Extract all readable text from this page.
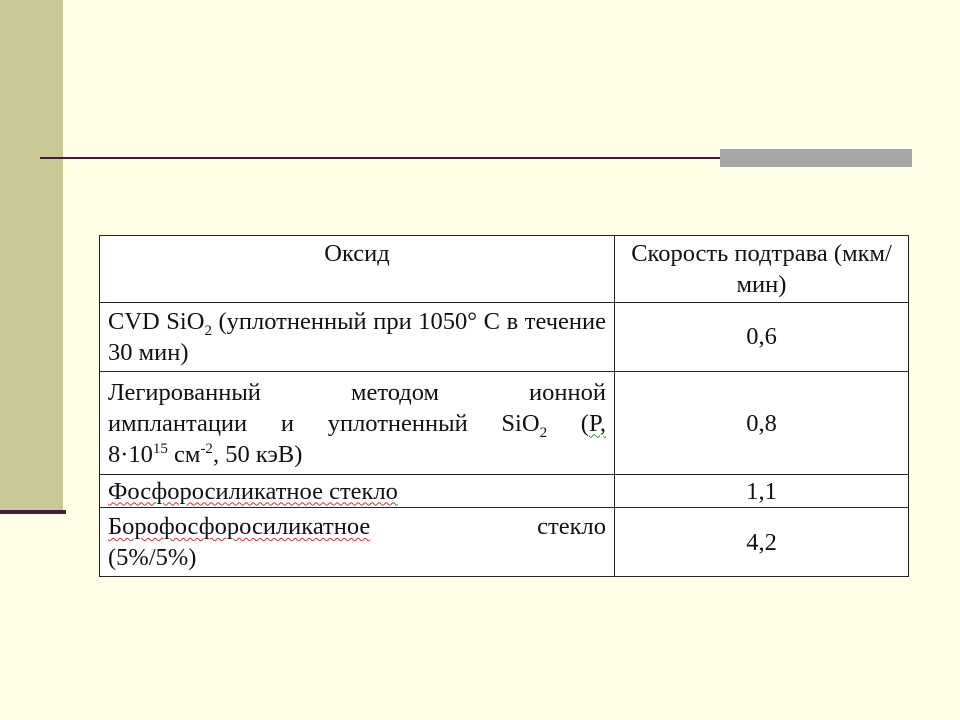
Оксид	Скорость подтрава (мкм/мин)
CVD SiO$_2$ (уплотненный при 1050° C в течение 30 мин)	0,6

Легированный методом ионной
имплантации и уплотненный SiO$_2$ (P,
$8\cdot 10^{15}$ $см^{-2}$, 50 кэВ)	0,8
Фосфоросиликатное стекло	1,1

Борофосфоросиликатное стекло
(5%/5%)	4,2
